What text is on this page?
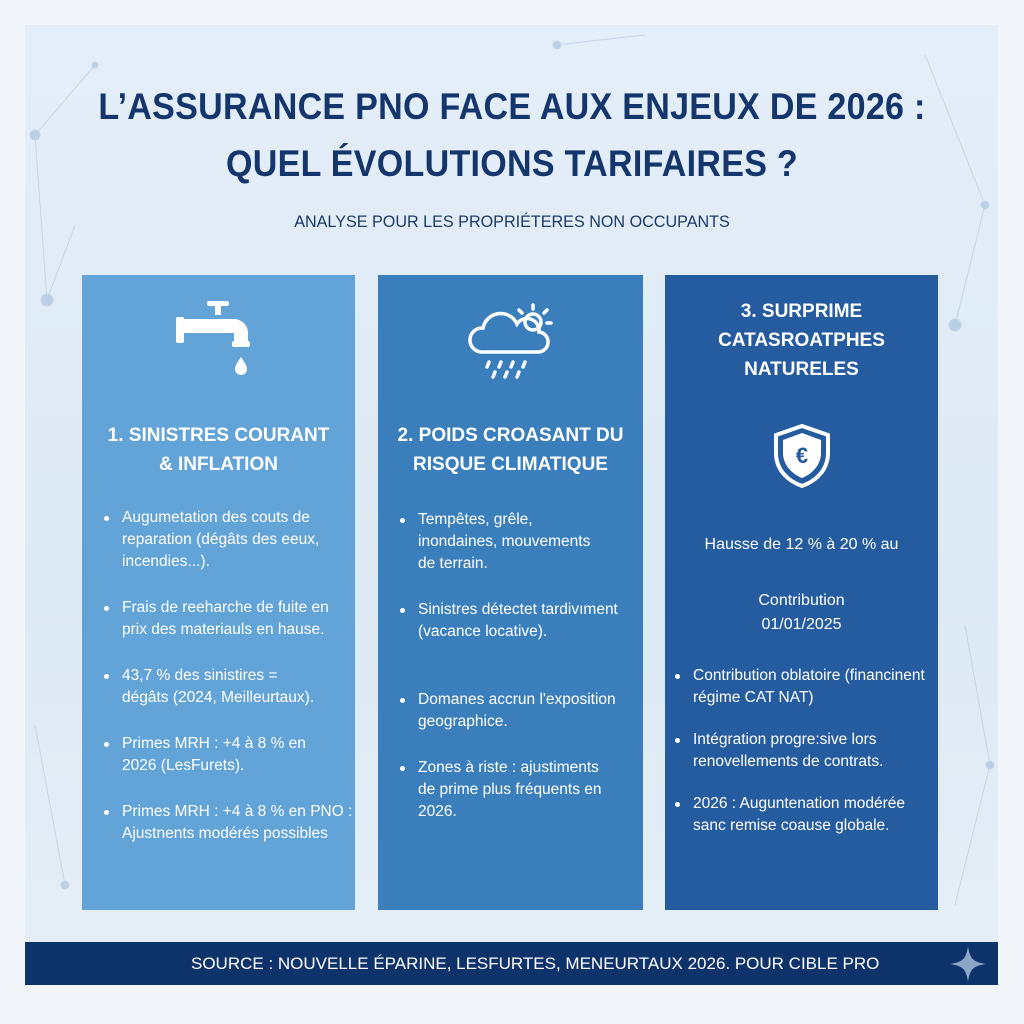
L’ASSURANCE PNO FACE AUX ENJEUX DE 2026 :
QUEL ÉVOLUTIONS TARIFAIRES ?
ANALYSE POUR LES PROPRIÉTERES NON OCCUPANTS
1. SINISTRES COURANT
& INFLATION
Augumetation des couts de reparation (dégâts des eeux, incendies...).
Frais de reeharche de fuite en prix des materiauls en hause.
43,7 % des sinistires = dégâts (2024, Meilleurtaux).
Primes MRH : +4 à 8 % en 2026 (LesFurets).
Primes MRH : +4 à 8 % en PNO : Ajustnents modérés possibles
2. POIDS CROASANT DU
RISQUE CLIMATIQUE
Tempêtes, grêle, inondaines, mouvements de terrain.
Sinistres détectet tardivıment (vacance locative).
Domanes accrun l'exposition geographice.
Zones à riste : ajustiments de prime plus fréquents en 2026.
3. SURPRIME
CATASROATPHES
NATURELES
€
Hausse de 12 % à 20 % au
Contribution
01/01/2025
Contribution oblatoire (financinent régime CAT NAT)
Intégration progre:sive lors renovellements de contrats.
2026 : Auguntenation modérée sanc remise coause globale.
SOURCE : NOUVELLE ÉPARINE, LESFURTES, MENEURTAUX 2026. POUR CIBLE PRO
